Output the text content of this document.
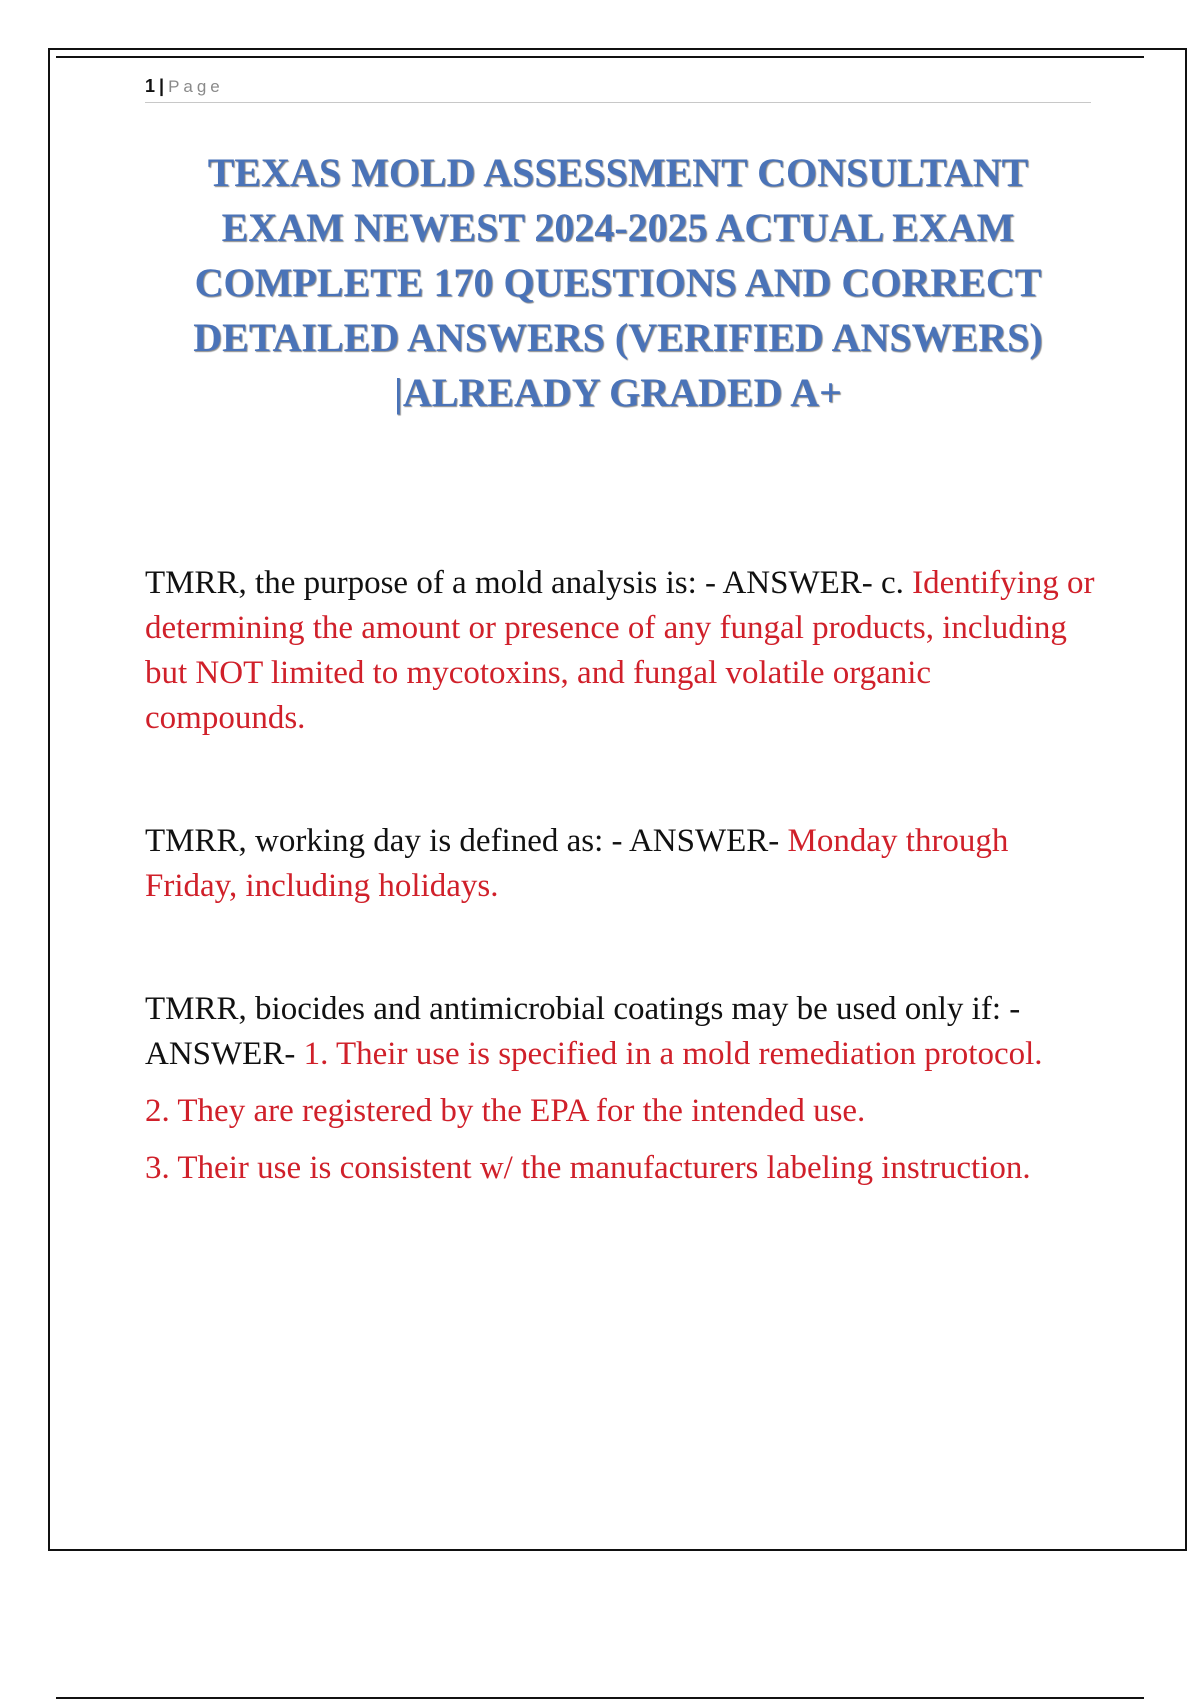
1 | Page
TEXAS MOLD ASSESSMENT CONSULTANT
EXAM NEWEST 2024-2025 ACTUAL EXAM
COMPLETE 170 QUESTIONS AND CORRECT
DETAILED ANSWERS (VERIFIED ANSWERS)
|ALREADY GRADED A+

TMRR, the purpose of a mold analysis is: - ANSWER- c. Identifying or determining the amount or presence of any fungal products, including but NOT limited to mycotoxins, and fungal volatile organic compounds.

TMRR, working day is defined as: - ANSWER- Monday through Friday, including holidays.

TMRR, biocides and antimicrobial coatings may be used only if: - ANSWER- 1. Their use is specified in a mold remediation protocol.

2. They are registered by the EPA for the intended use.

3. Their use is consistent w/ the manufacturers labeling instruction.
